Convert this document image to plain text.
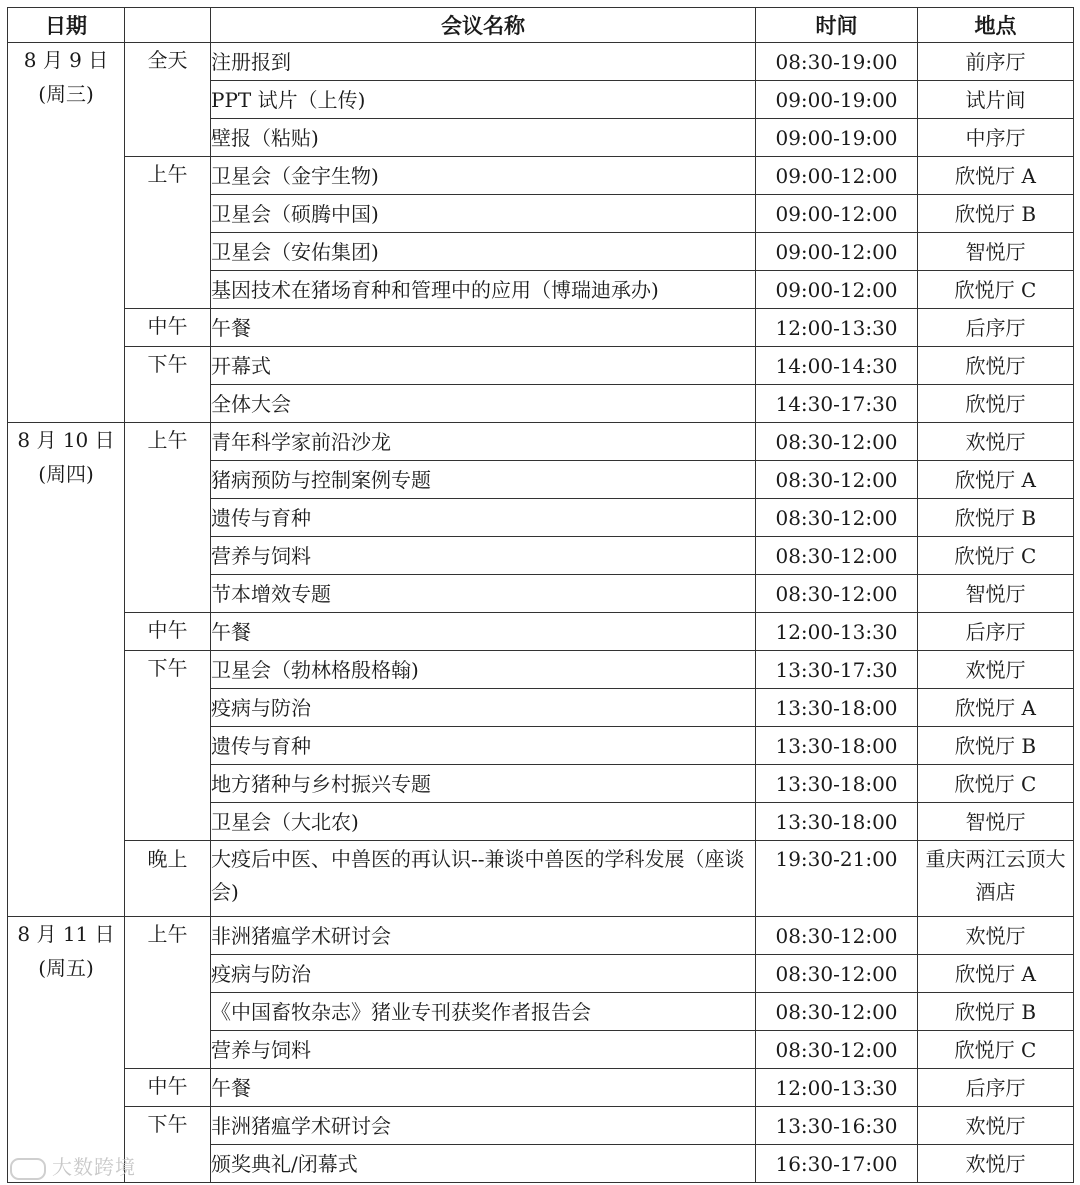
日期		会议名称	时间	地点

8 月 9 日
(周三)	全天	注册报到	08:30-19:00	前序厅
		PPT 试片（上传)	09:00-19:00	试片间
		壁报（粘贴)	09:00-19:00	中序厅
	上午	卫星会（金宇生物)	09:00-12:00	欣悦厅 A
		卫星会（硕腾中国)	09:00-12:00	欣悦厅 B
		卫星会（安佑集团)	09:00-12:00	智悦厅
		基因技术在猪场育种和管理中的应用（博瑞迪承办)	09:00-12:00	欣悦厅 C
	中午	午餐	12:00-13:30	后序厅
	下午	开幕式	14:00-14:30	欣悦厅
		全体大会	14:30-17:30	欣悦厅

8 月 10 日
(周四)	上午	青年科学家前沿沙龙	08:30-12:00	欢悦厅
		猪病预防与控制案例专题	08:30-12:00	欣悦厅 A
		遗传与育种	08:30-12:00	欣悦厅 B
		营养与饲料	08:30-12:00	欣悦厅 C
		节本增效专题	08:30-12:00	智悦厅
	中午	午餐	12:00-13:30	后序厅
	下午	卫星会（勃林格殷格翰)	13:30-17:30	欢悦厅
		疫病与防治	13:30-18:00	欣悦厅 A
		遗传与育种	13:30-18:00	欣悦厅 B
		地方猪种与乡村振兴专题	13:30-18:00	欣悦厅 C
		卫星会（大北农)	13:30-18:00	智悦厅
	晚上	大疫后中医、中兽医的再认识--兼谈中兽医的学科发展（座谈会)	19:30-21:00	重庆两江云顶大酒店

8 月 11 日
(周五)	上午	非洲猪瘟学术研讨会	08:30-12:00	欢悦厅
		疫病与防治	08:30-12:00	欣悦厅 A
		《中国畜牧杂志》猪业专刊获奖作者报告会	08:30-12:00	欣悦厅 B
		营养与饲料	08:30-12:00	欣悦厅 C
	中午	午餐	12:00-13:30	后序厅
	下午	非洲猪瘟学术研讨会	13:30-16:30	欢悦厅
		颁奖典礼/闭幕式	16:30-17:00	欢悦厅
大数跨境
